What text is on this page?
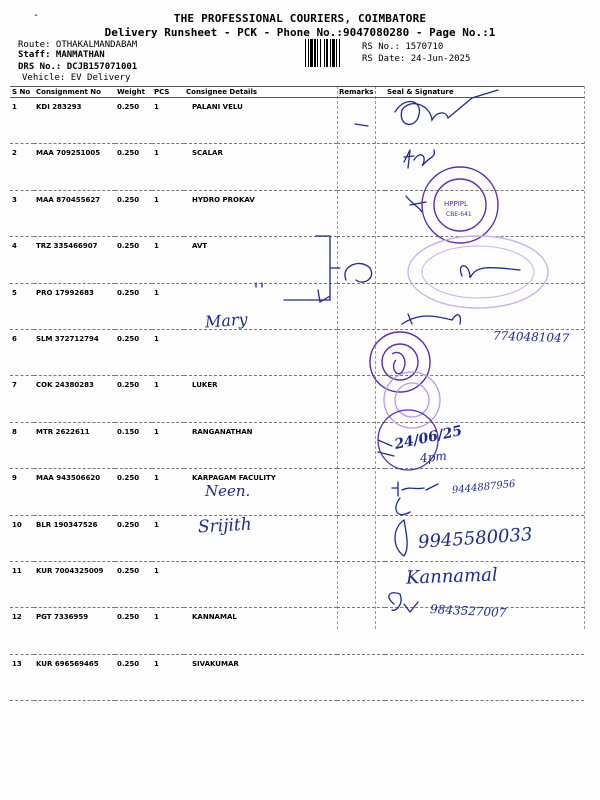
-	THE PROFESSIONAL COURIERS, COIMBATORE
Delivery Runsheet - PCK - Phone No.:9047080280 - Page No.:1
Route: OTHAKALMANDABAM
Staff: MANMATHAN
DRS No.: DCJB157071001
Vehicle: EV Delivery
RS No.: 1570710
RS Date: 24-Jun-2025
S No	Consignment No	Weight	PCS	Consignee Details	Remarks	Seal & Signature
1	KDI 283293	0.250	1	PALANI VELU		
2	MAA 709251005	0.250	1	SCALAR		
3	MAA 870455627	0.250	1	HYDRO PROKAV		
4	TRZ 335466907	0.250	1	AVT		
5	PRO 17992683	0.250	1			
6	SLM 372712794	0.250	1			
7	COK 24380283	0.250	1	LUKER		
8	MTR 2622611	0.150	1	RANGANATHAN		
9	MAA 943506620	0.250	1	KARPAGAM FACULITY		
10	BLR 190347526	0.250	1			
11	KUR 7004325009	0.250	1			
12	PGT 7336959	0.250	1	KANNAMAL		
13	KUR 696569465	0.250	1	SIVAKUMAR		
HPPIPL
CBE-641
Mary
7740481047
24/06/25
4pm
Neen.	9444887956
Srijith	9945580033
Kannamal
9843527007
